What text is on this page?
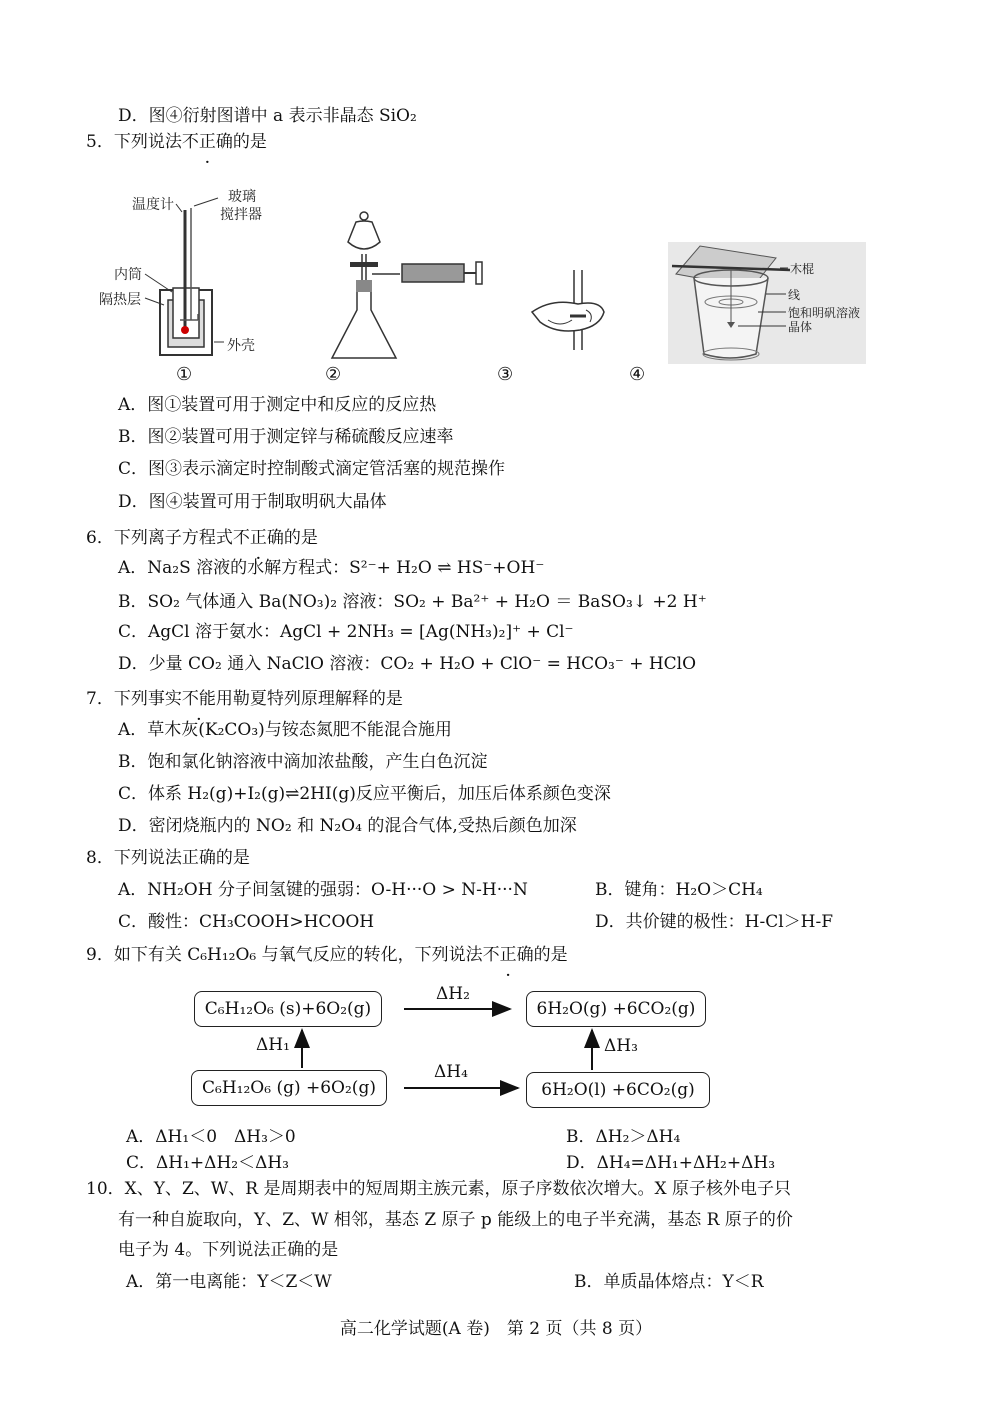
D．图④衍射图谱中 a 表示非晶态 SiO₂
5．下列说法不正确的是
温度计	玻璃
搅拌器
内筒
隔热层
外壳
木棍
线
饱和明矾溶液
晶体
①	②	③	④
A．图①装置可用于测定中和反应的反应热
B．图②装置可用于测定锌与稀硫酸反应速率
C．图③表示滴定时控制酸式滴定管活塞的规范操作
D．图④装置可用于制取明矾大晶体
6．下列离子方程式不正确的是
A．Na₂S 溶液的水解方程式：S²⁻+ H₂O ⇌ HS⁻+OH⁻
B．SO₂ 气体通入 Ba(NO₃)₂ 溶液：SO₂ + Ba²⁺ + H₂O ＝ BaSO₃↓ +2 H⁺
C．AgCl 溶于氨水：AgCl + 2NH₃ = [Ag(NH₃)₂]⁺ + Cl⁻
D．少量 CO₂ 通入 NaClO 溶液：CO₂ + H₂O + ClO⁻ = HCO₃⁻ + HClO
7．下列事实不能用勒夏特列原理解释的是
A．草木灰(K₂CO₃)与铵态氮肥不能混合施用
B．饱和氯化钠溶液中滴加浓盐酸，产生白色沉淀
C．体系 H₂(g)+I₂(g)⇌2HI(g)反应平衡后，加压后体系颜色变深
D．密闭烧瓶内的 NO₂ 和 N₂O₄ 的混合气体,受热后颜色加深
8．下列说法正确的是
A．NH₂OH 分子间氢键的强弱：O-H···O > N-H···N	B．键角：H₂O＞CH₄
C．酸性：CH₃COOH>HCOOH	D．共价键的极性：H-Cl＞H-F
9．如下有关 C₆H₁₂O₆ 与氧气反应的转化，下列说法不正确的是
C₆H₁₂O₆ (s)+6O₂(g)	6H₂O(g) +6CO₂(g)
C₆H₁₂O₆ (g) +6O₂(g)	6H₂O(l) +6CO₂(g)
ΔH₂
ΔH₁	ΔH₃
ΔH₄
A．ΔH₁＜0　ΔH₃＞0	B．ΔH₂＞ΔH₄
C．ΔH₁+ΔH₂＜ΔH₃	D．ΔH₄=ΔH₁+ΔH₂+ΔH₃
10．X、Y、Z、W、R 是周期表中的短周期主族元素，原子序数依次增大。X 原子核外电子只
有一种自旋取向，Y、Z、W 相邻，基态 Z 原子 p 能级上的电子半充满，基态 R 原子的价
电子为 4。下列说法正确的是
A．第一电离能：Y＜Z＜W	B．单质晶体熔点：Y＜R
高二化学试题(A 卷)　第 2 页（共 8 页）
